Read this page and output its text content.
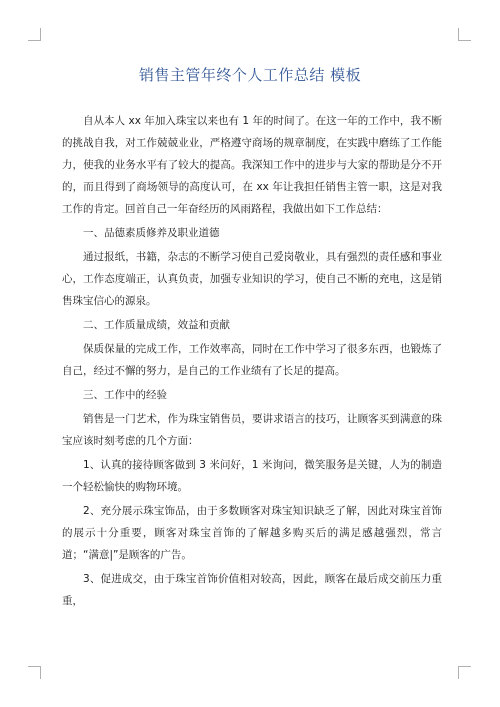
销售主管年终个人工作总结 模板

自从本人 xx 年加入珠宝以来也有 1 年的时间了。在这一年的工作中，我不断的挑战自我，对工作兢兢业业，严格遵守商场的规章制度，在实践中磨练了工作能力，使我的业务水平有了较大的提高。我深知工作中的进步与大家的帮助是分不开的，而且得到了商场领导的高度认可，在 xx 年让我担任销售主管一职，这是对我工作的肯定。回首自己一年奋经历的风雨路程，我做出如下工作总结：

一、品德素质修养及职业道德

通过报纸，书籍，杂志的不断学习使自己爱岗敬业，具有强烈的责任感和事业心，工作态度端正，认真负责，加强专业知识的学习，使自己不断的充电，这是销售珠宝信心的源泉。

二、工作质量成绩，效益和贡献

保质保量的完成工作，工作效率高，同时在工作中学习了很多东西，也锻炼了自己，经过不懈的努力，是自己的工作业绩有了长足的提高。

三、工作中的经验

销售是一门艺术，作为珠宝销售员，要讲求语言的技巧，让顾客买到满意的珠宝应该时刻考虑的几个方面：

1、认真的接待顾客做到 3 米问好，1 米询问，微笑服务是关键，人为的制造一个轻松愉快的购物环境。

2、充分展示珠宝饰品，由于多数顾客对珠宝知识缺乏了解，因此对珠宝首饰的展示十分重要，顾客对珠宝首饰的了解越多购买后的满足感越强烈，常言道；“满意|”是顾客的广告。

3、促进成交，由于珠宝首饰价值相对较高，因此，顾客在最后成交前压力重重，
